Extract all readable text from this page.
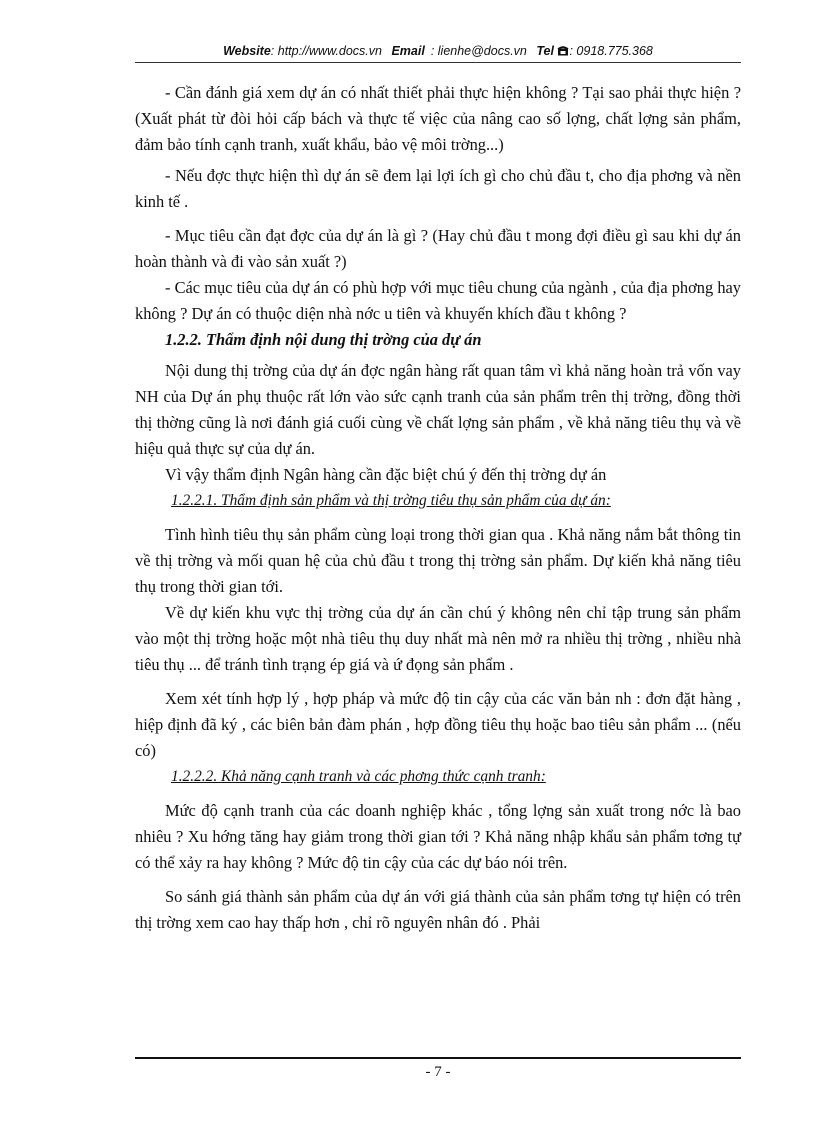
Website: http://www.docs.vn Email : lienhe@docs.vn Tel : 0918.775.368

- Cần đánh giá xem dự án có nhất thiết phải thực hiện không ? Tại sao phải thực hiện ? (Xuất phát từ đòi hỏi cấp bách và thực tế việc của nâng cao số lợng, chất lợng sản phẩm, đảm bảo tính cạnh tranh, xuất khẩu, bảo vệ môi trờng...)

- Nếu đợc thực hiện thì dự án sẽ đem lại lợi ích gì cho chủ đầu t, cho địa phơng và nền kinh tế .

- Mục tiêu cần đạt đợc của dự án là gì ? (Hay chủ đầu t mong đợi điều gì sau khi dự án hoàn thành và đi vào sản xuất ?)

- Các mục tiêu của dự án có phù hợp với mục tiêu chung của ngành , của địa phơng hay không ? Dự án có thuộc diện nhà nớc u tiên và khuyến khích đầu t không ?

1.2.2. Thẩm định nội dung thị trờng của dự án

Nội dung thị trờng của dự án đợc ngân hàng rất quan tâm vì khả năng hoàn trả vốn vay NH của Dự án phụ thuộc rất lớn vào sức cạnh tranh của sản phẩm trên thị trờng, đồng thời thị thờng cũng là nơi đánh giá cuối cùng về chất lợng sản phẩm , về khả năng tiêu thụ và về hiệu quả thực sự của dự án.

Vì vậy thẩm định Ngân hàng cần đặc biệt chú ý đến thị trờng dự án

1.2.2.1. Thẩm định sản phẩm và thị trờng tiêu thụ sản phẩm của dự án:

Tình hình tiêu thụ sản phẩm cùng loại trong thời gian qua . Khả năng nắm bắt thông tin về thị trờng và mối quan hệ của chủ đầu t trong thị trờng sản phẩm. Dự kiến khả năng tiêu thụ trong thời gian tới.

Về dự kiến khu vực thị trờng của dự án cần chú ý không nên chỉ tập trung sản phẩm vào một thị trờng hoặc một nhà tiêu thụ duy nhất mà nên mở ra nhiều thị trờng , nhiều nhà tiêu thụ ... để tránh tình trạng ép giá và ứ đọng sản phẩm .

Xem xét tính hợp lý , hợp pháp và mức độ tin cậy của các văn bản nh : đơn đặt hàng , hiệp định đã ký , các biên bản đàm phán , hợp đồng tiêu thụ hoặc bao tiêu sản phẩm ... (nếu có)

1.2.2.2. Khả năng cạnh tranh và các phơng thức cạnh tranh:

Mức độ cạnh tranh của các doanh nghiệp khác , tổng lợng sản xuất trong nớc là bao nhiêu ? Xu hớng tăng hay giảm trong thời gian tới ? Khả năng nhập khẩu sản phẩm tơng tự có thể xảy ra hay không ? Mức độ tin cậy của các dự báo nói trên.

So sánh giá thành sản phẩm của dự án với giá thành của sản phẩm tơng tự hiện có trên thị trờng xem cao hay thấp hơn , chỉ rõ nguyên nhân đó . Phải

- 7 -
